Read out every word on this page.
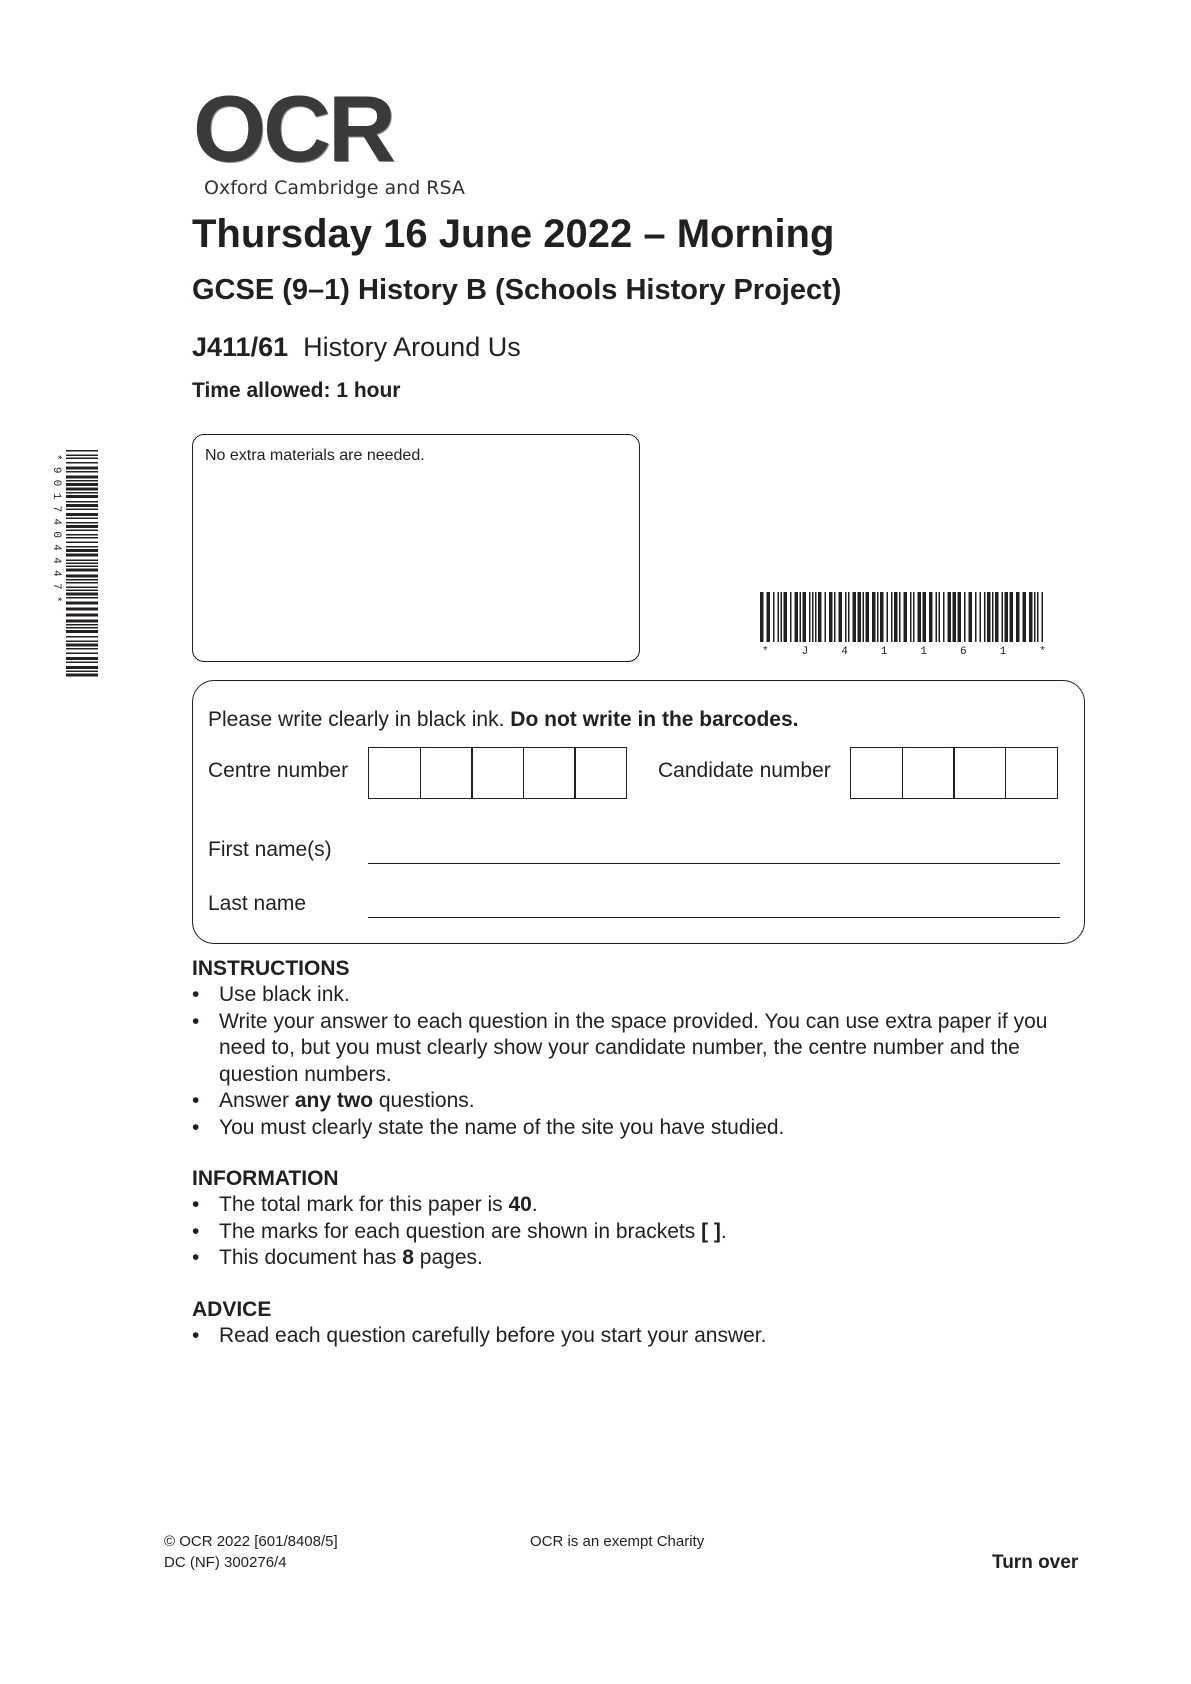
OCR
Oxford Cambridge and RSA
Thursday 16 June 2022 – Morning
GCSE (9–1) History B (Schools History Project)
J411/61 History Around Us
Time allowed: 1 hour
No extra materials are needed.
*9017404447*
*J41161*
Please write clearly in black ink. Do not write in the barcodes.
Centre number	Candidate number
First name(s)
Last name
INSTRUCTIONS
• Use black ink.
• Write your answer to each question in the space provided. You can use extra paper if you need to, but you must clearly show your candidate number, the centre number and the question numbers.
• Answer any two questions.
• You must clearly state the name of the site you have studied.
INFORMATION
• The total mark for this paper is 40.
• The marks for each question are shown in brackets [ ].
• This document has 8 pages.
ADVICE
• Read each question carefully before you start your answer.
© OCR 2022 [601/8408/5]
DC (NF) 300276/4
OCR is an exempt Charity
Turn over
